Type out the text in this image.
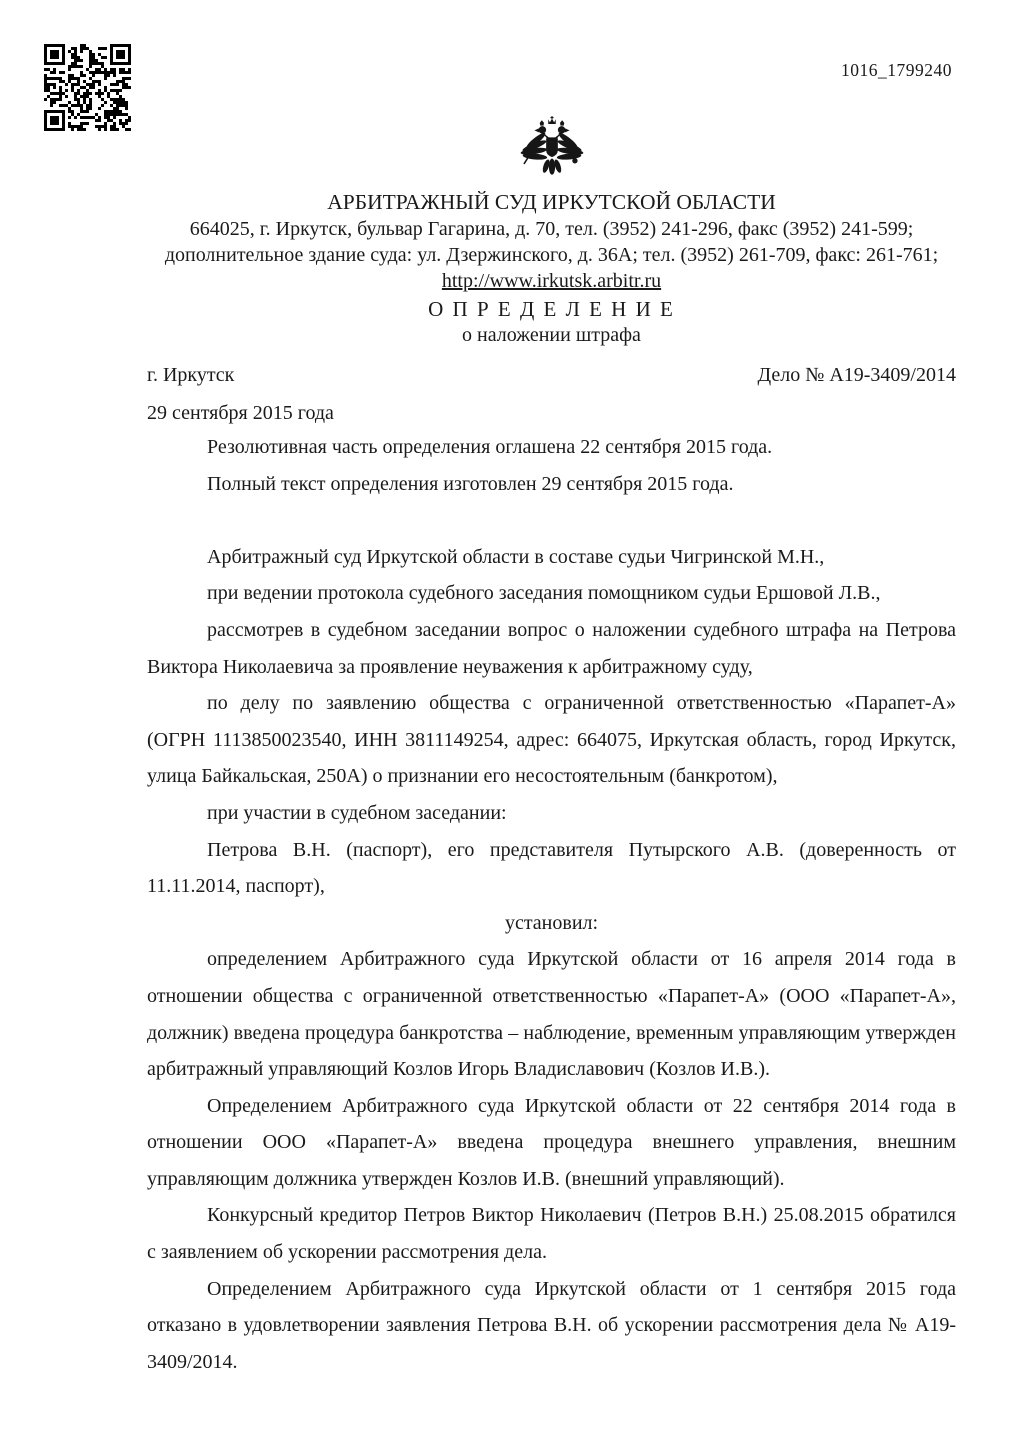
1016_1799240
АРБИТРАЖНЫЙ СУД ИРКУТСКОЙ ОБЛАСТИ
664025, г. Иркутск, бульвар Гагарина, д. 70, тел. (3952) 241-296, факс (3952) 241-599;
дополнительное здание суда: ул. Дзержинского, д. 36А; тел. (3952) 261-709, факс: 261-761;
http://www.irkutsk.arbitr.ru
О П Р Е Д Е Л Е Н И Е
о наложении штрафа
г. Иркутск	Дело № А19-3409/2014
29 сентября 2015 года

Резолютивная часть определения оглашена 22 сентября 2015 года.

Полный текст определения изготовлен 29 сентября 2015 года.

Арбитражный суд Иркутской области в составе судьи Чигринской М.Н.,

при ведении протокола судебного заседания помощником судьи Ершовой Л.В.,

рассмотрев в судебном заседании вопрос о наложении судебного штрафа на Петрова Виктора Николаевича за проявление неуважения к арбитражному суду,

по делу по заявлению общества с ограниченной ответственностью «Парапет-А» (ОГРН 1113850023540, ИНН 3811149254, адрес: 664075, Иркутская область, город Иркутск, улица Байкальская, 250А) о признании его несостоятельным (банкротом),

при участии в судебном заседании:

Петрова В.Н. (паспорт), его представителя Путырского А.В. (доверенность от 11.11.2014, паспорт),

установил:

определением Арбитражного суда Иркутской области от 16 апреля 2014 года в отношении общества с ограниченной ответственностью «Парапет-А» (ООО «Парапет-А», должник) введена процедура банкротства – наблюдение, временным управляющим утвержден арбитражный управляющий Козлов Игорь Владиславович (Козлов И.В.).

Определением Арбитражного суда Иркутской области от 22 сентября 2014 года в отношении ООО «Парапет-А» введена процедура внешнего управления, внешним управляющим должника утвержден Козлов И.В. (внешний управляющий).

Конкурсный кредитор Петров Виктор Николаевич (Петров В.Н.) 25.08.2015 обратился с заявлением об ускорении рассмотрения дела.

Определением Арбитражного суда Иркутской области от 1 сентября 2015 года отказано в удовлетворении заявления Петрова В.Н. об ускорении рассмотрения дела № А19-3409/2014.
